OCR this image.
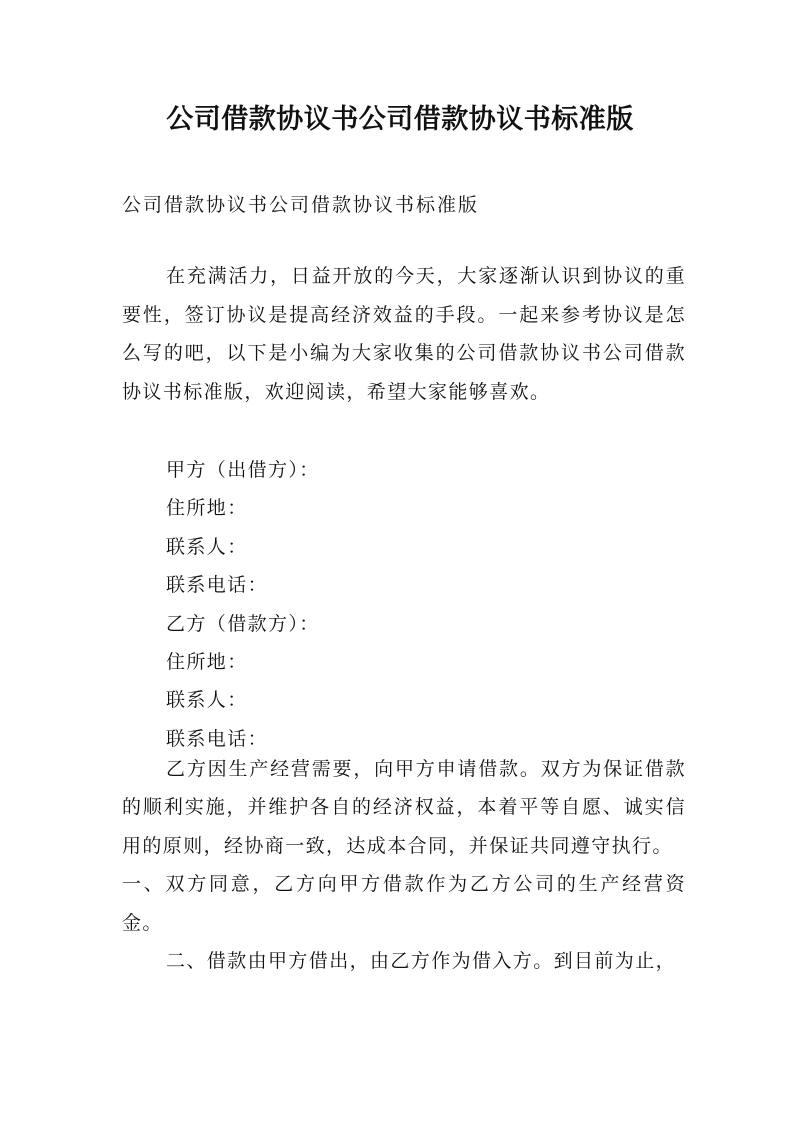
公司借款协议书公司借款协议书标准版

公司借款协议书公司借款协议书标准版

在充满活力，日益开放的今天，大家逐渐认识到协议的重要性，签订协议是提高经济效益的手段。一起来参考协议是怎么写的吧，以下是小编为大家收集的公司借款协议书公司借款协议书标准版，欢迎阅读，希望大家能够喜欢。

甲方（出借方）：
住所地：
联系人：
联系电话：
乙方（借款方）：
住所地：
联系人：
联系电话：

乙方因生产经营需要，向甲方申请借款。双方为保证借款的顺利实施，并维护各自的经济权益，本着平等自愿、诚实信用的原则，经协商一致，达成本合同，并保证共同遵守执行。

一、双方同意，乙方向甲方借款作为乙方公司的生产经营资金。

二、借款由甲方借出，由乙方作为借入方。到目前为止，
